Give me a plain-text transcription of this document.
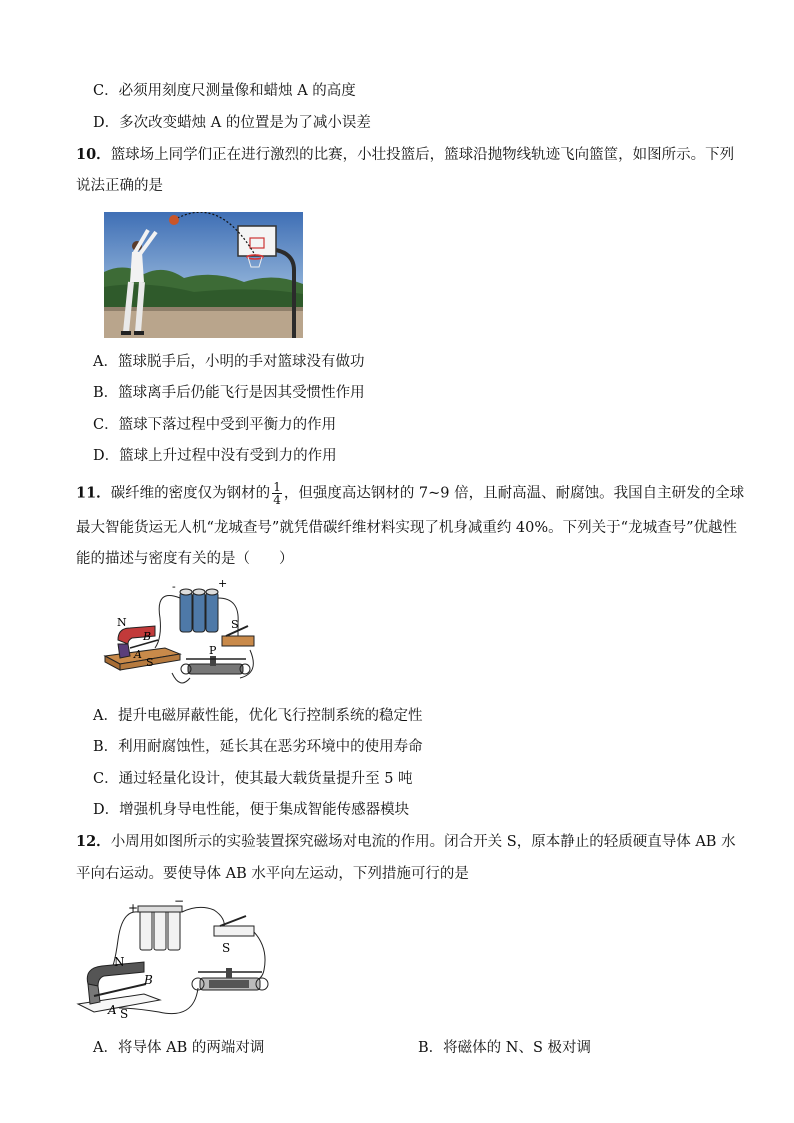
C．必须用刻度尺测量像和蜡烛 A 的高度
D．多次改变蜡烛 A 的位置是为了减小误差
10．篮球场上同学们正在进行激烈的比赛，小壮投篮后，篮球沿抛物线轨迹飞向篮筐，如图所示。下列
说法正确的是
A．篮球脱手后，小明的手对篮球没有做功
B．篮球离手后仍能飞行是因其受惯性作用
C．篮球下落过程中受到平衡力的作用
D．篮球上升过程中没有受到力的作用
11．碳纤维的密度仅为钢材的 $\frac{1}{4}$ ，但强度高达钢材的 7~9 倍，且耐高温、耐腐蚀。我国自主研发的全球
最大智能货运无人机“龙城查号”就凭借碳纤维材料实现了机身减重约 40%。下列关于“龙城查号”优越性
能的描述与密度有关的是（　　）
+
-
N
B
A
S
S
P
A．提升电磁屏蔽性能，优化飞行控制系统的稳定性
B．利用耐腐蚀性，延长其在恶劣环境中的使用寿命
C．通过轻量化设计，使其最大载货量提升至 5 吨
D．增强机身导电性能，便于集成智能传感器模块
12．小周用如图所示的实验装置探究磁场对电流的作用。闭合开关 S，原本静止的轻质硬直导体 AB 水
平向右运动。要使导体 AB 水平向左运动，下列措施可行的是
+	−
S
N
B
A S
A．将导体 AB 的两端对调	B．将磁体的 N、S 极对调
